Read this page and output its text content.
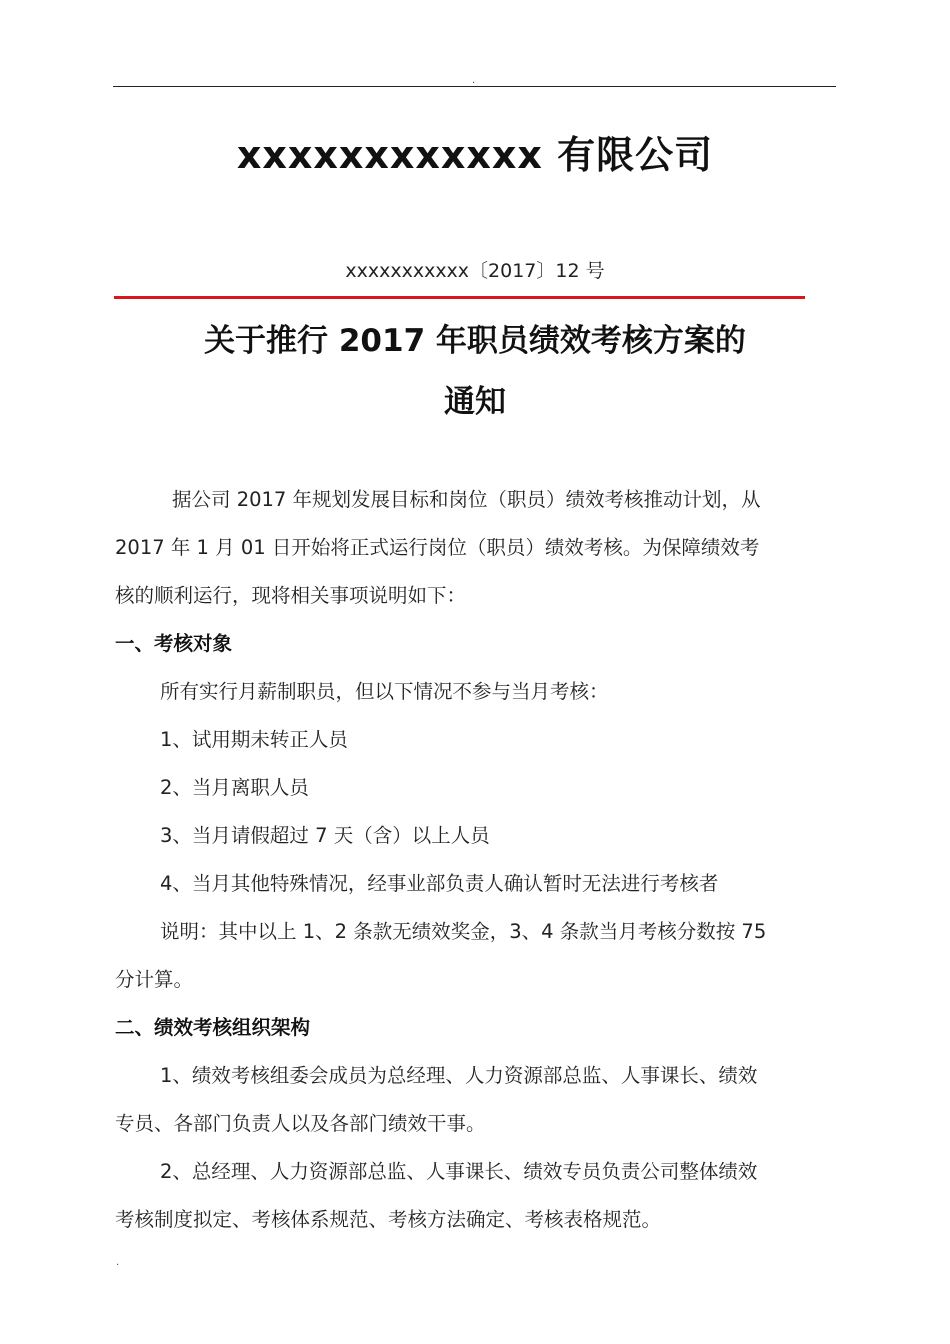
.
xxxxxxxxxxxx 有限公司
xxxxxxxxxxx〔2017〕12 号
关于推行 2017 年职员绩效考核方案的
通知
据公司 2017 年规划发展目标和岗位（职员）绩效考核推动计划，从
2017 年 1 月 01 日开始将正式运行岗位（职员）绩效考核。为保障绩效考
核的顺利运行，现将相关事项说明如下：
一、考核对象
所有实行月薪制职员，但以下情况不参与当月考核：
1、试用期未转正人员
2、当月离职人员
3、当月请假超过 7 天（含）以上人员
4、当月其他特殊情况，经事业部负责人确认暂时无法进行考核者
说明：其中以上 1、2 条款无绩效奖金，3、4 条款当月考核分数按 75
分计算。
二、绩效考核组织架构
1、绩效考核组委会成员为总经理、人力资源部总监、人事课长、绩效
专员、各部门负责人以及各部门绩效干事。
2、总经理、人力资源部总监、人事课长、绩效专员负责公司整体绩效
考核制度拟定、考核体系规范、考核方法确定、考核表格规范。
.
